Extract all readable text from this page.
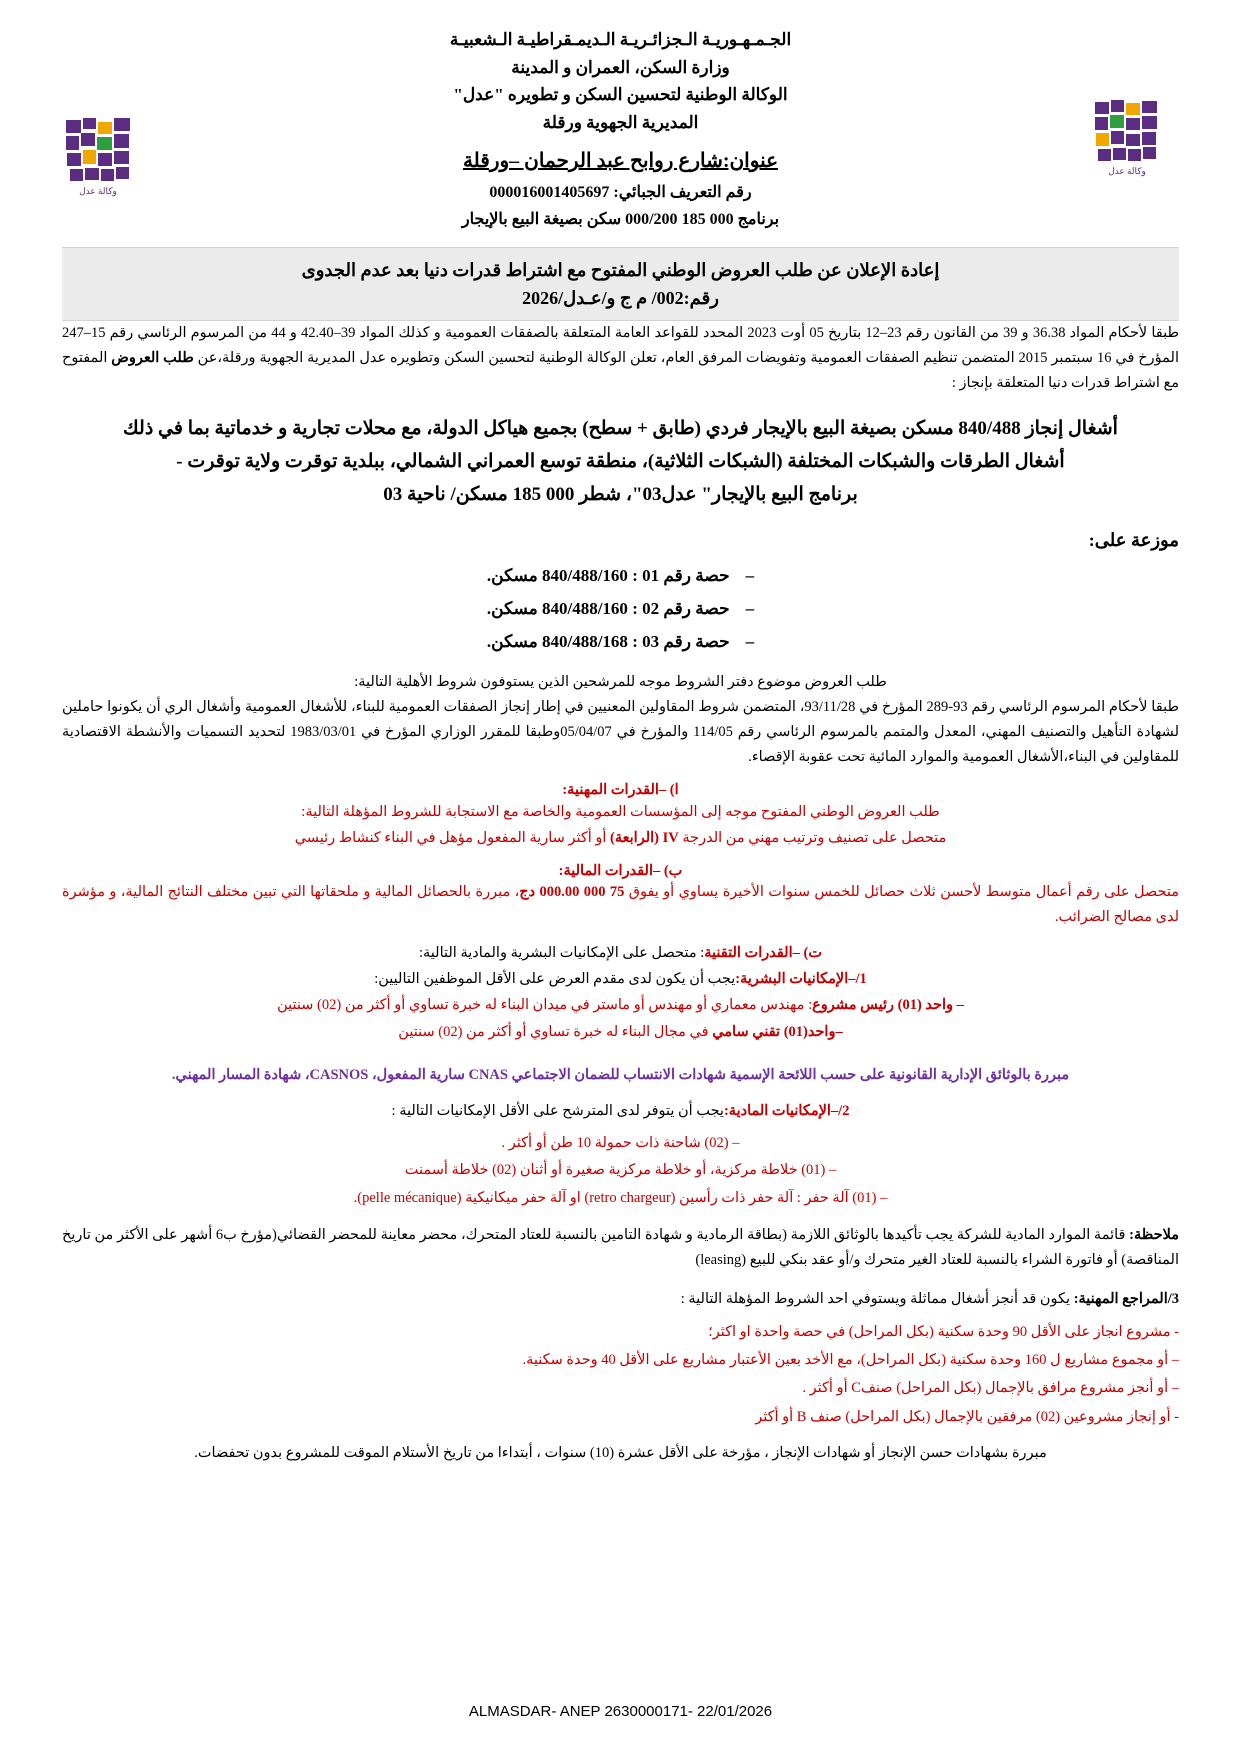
وكالة عدل
وكالة عدل
الجـمـهـوريـة الـجزائـريـة الـديمـقراطيـة الـشعبيـة
وزارة السكن، العمران و المدينة
الوكالة الوطنية لتحسين السكن و تطويره "عدل"
المديرية الجهوية ورقلة
عنوان:شارع روابح عبد الرحمان –ورقلة
رقم التعريف الجبائي: 000016001405697
برنامج 000 185 000/200 سكن بصيغة البيع بالإيجار
إعادة الإعلان عن طلب العروض الوطني المفتوح مع اشتراط قدرات دنيا بعد عدم الجدوى
رقم:002/ م ج و/عـدل/2026

طبقا لأحكام المواد 36.38 و 39 من القانون رقم 23–12 بتاريخ 05 أوت 2023 المحدد للقواعد العامة المتعلقة بالصفقات العمومية و كذلك المواد 39–42.40 و 44 من المرسوم الرئاسي رقم 15–247 المؤرخ في 16 سبتمبر 2015 المتضمن تنظيم الصفقات العمومية وتفويضات المرفق العام، تعلن الوكالة الوطنية لتحسين السكن وتطويره عدل المديرية الجهوية ورقلة،عن طلب العروض المفتوح مع اشتراط قدرات دنيا المتعلقة بإنجاز :

أشغال إنجاز 840/488 مسكن بصيغة البيع بالإيجار فردي (طابق + سطح) بجميع هياكل الدولة، مع محلات تجارية و خدماتية بما في ذلك
أشغال الطرقات والشبكات المختلفة (الشبكات الثلاثية)، منطقة توسع العمراني الشمالي، ببلدية توقرت ولاية توقرت -
برنامج البيع بالإيجار" عدل03"، شطر 000 185 مسكن/ ناحية 03
موزعة على:
–حصة رقم 01 : 840/488/160 مسكن.
–حصة رقم 02 : 840/488/160 مسكن.
–حصة رقم 03 : 840/488/168 مسكن.
طلب العروض موضوع دفتر الشروط موجه للمرشحين الذين يستوفون شروط الأهلية التالية:

طبقا لأحكام المرسوم الرئاسي رقم 93-289 المؤرخ في 93/11/28، المتضمن شروط المقاولين المعنيين في إطار إنجاز الصفقات العمومية للبناء، للأشغال العمومية وأشغال الري أن يكونوا حاملين لشهادة التأهيل والتصنيف المهني، المعدل والمتمم بالمرسوم الرئاسي رقم 114/05 والمؤرخ في 05/04/07وطبقا للمقرر الوزاري المؤرخ في 1983/03/01 لتحديد التسميات والأنشطة الاقتصادية للمقاولين في البناء،الأشغال العمومية والموارد المائية تحت عقوبة الإقصاء.

ا) –القدرات المهنية:
طلب العروض الوطني المفتوح موجه إلى المؤسسات العمومية والخاصة مع الاستجابة للشروط المؤهلة التالية:
متحصل على تصنيف وترتيب مهني من الدرجة IV (الرابعة) أو أكثر سارية المفعول مؤهل في البناء كنشاط رئيسي
ب) –القدرات المالية:

متحصل على رقم أعمال متوسط لأحسن ثلاث حصائل للخمس سنوات الأخيرة يساوي أو يفوق 75 000 000.00 دج، مبررة بالحصائل المالية و ملحقاتها التي تبين مختلف النتائج المالية، و مؤشرة لدى مصالح الضرائب.

ت) –القدرات التقنية: متحصل على الإمكانيات البشرية والمادية التالية:
1/–الإمكانيات البشرية:يجب أن يكون لدى مقدم العرض على الأقل الموظفين التاليين:
– واحد (01) رئيس مشروع: مهندس معماري أو مهندس أو ماستر في ميدان البناء له خبرة تساوي أو أكثر من (02) سنتين
–واحد(01) تقني سامي في مجال البناء له خبرة تساوي أو أكثر من (02) سنتين
مبررة بالوثائق الإدارية القانونية على حسب اللائحة الإسمية شهادات الانتساب للضمان الاجتماعي CNAS سارية المفعول، CASNOS، شهادة المسار المهني.
2/–الإمكانيات المادية:يجب أن يتوفر لدى المترشح على الأقل الإمكانيات التالية :
– (02) شاحنة ذات حمولة 10 طن أو أكثر .
– (01) خلاطة مركزية، أو خلاطة مركزية صغيرة أو أثنان (02) خلاطة أسمنت
– (01) آلة حفر : آلة حفر ذات رأسين (retro chargeur) او آلة حفر ميكانيكية (pelle mécanique).

ملاحظة: قائمة الموارد المادية للشركة يجب تأكيدها بالوثائق اللازمة (بطاقة الرمادية و شهادة التامين بالنسبة للعتاد المتحرك، محضر معاينة للمحضر القضائي(مؤرخ ب6 أشهر على الأكثر من تاريخ المناقصة) أو فاتورة الشراء بالنسبة للعتاد الغير متحرك و/أو عقد بنكي للبيع (leasing)

3/المراجع المهنية: يكون قد أنجز أشغال مماثلة ويستوفي احد الشروط المؤهلة التالية :
- مشروع انجاز على الأقل 90 وحدة سكنية (بكل المراحل) في حصة واحدة او اكثر؛
– أو مجموع مشاريع ل 160 وحدة سكنية (بكل المراحل)، مع الأخد بعين الأعتبار مشاريع على الأقل 40 وحدة سكنية.
– أو أنجز مشروع مرافق بالإجمال (بكل المراحل) صنفC أو أكثر .
- أو إنجاز مشروعين (02) مرفقين بالإجمال (بكل المراحل) صنف B أو أكثر

مبررة بشهادات حسن الإنجاز أو شهادات الإنجاز ، مؤرخة على الأقل عشرة (10) سنوات ، أبتداءا من تاريخ الأستلام الموقت للمشروع بدون تحفضات.

ALMASDAR- ANEP 2630000171- 22/01/2026
